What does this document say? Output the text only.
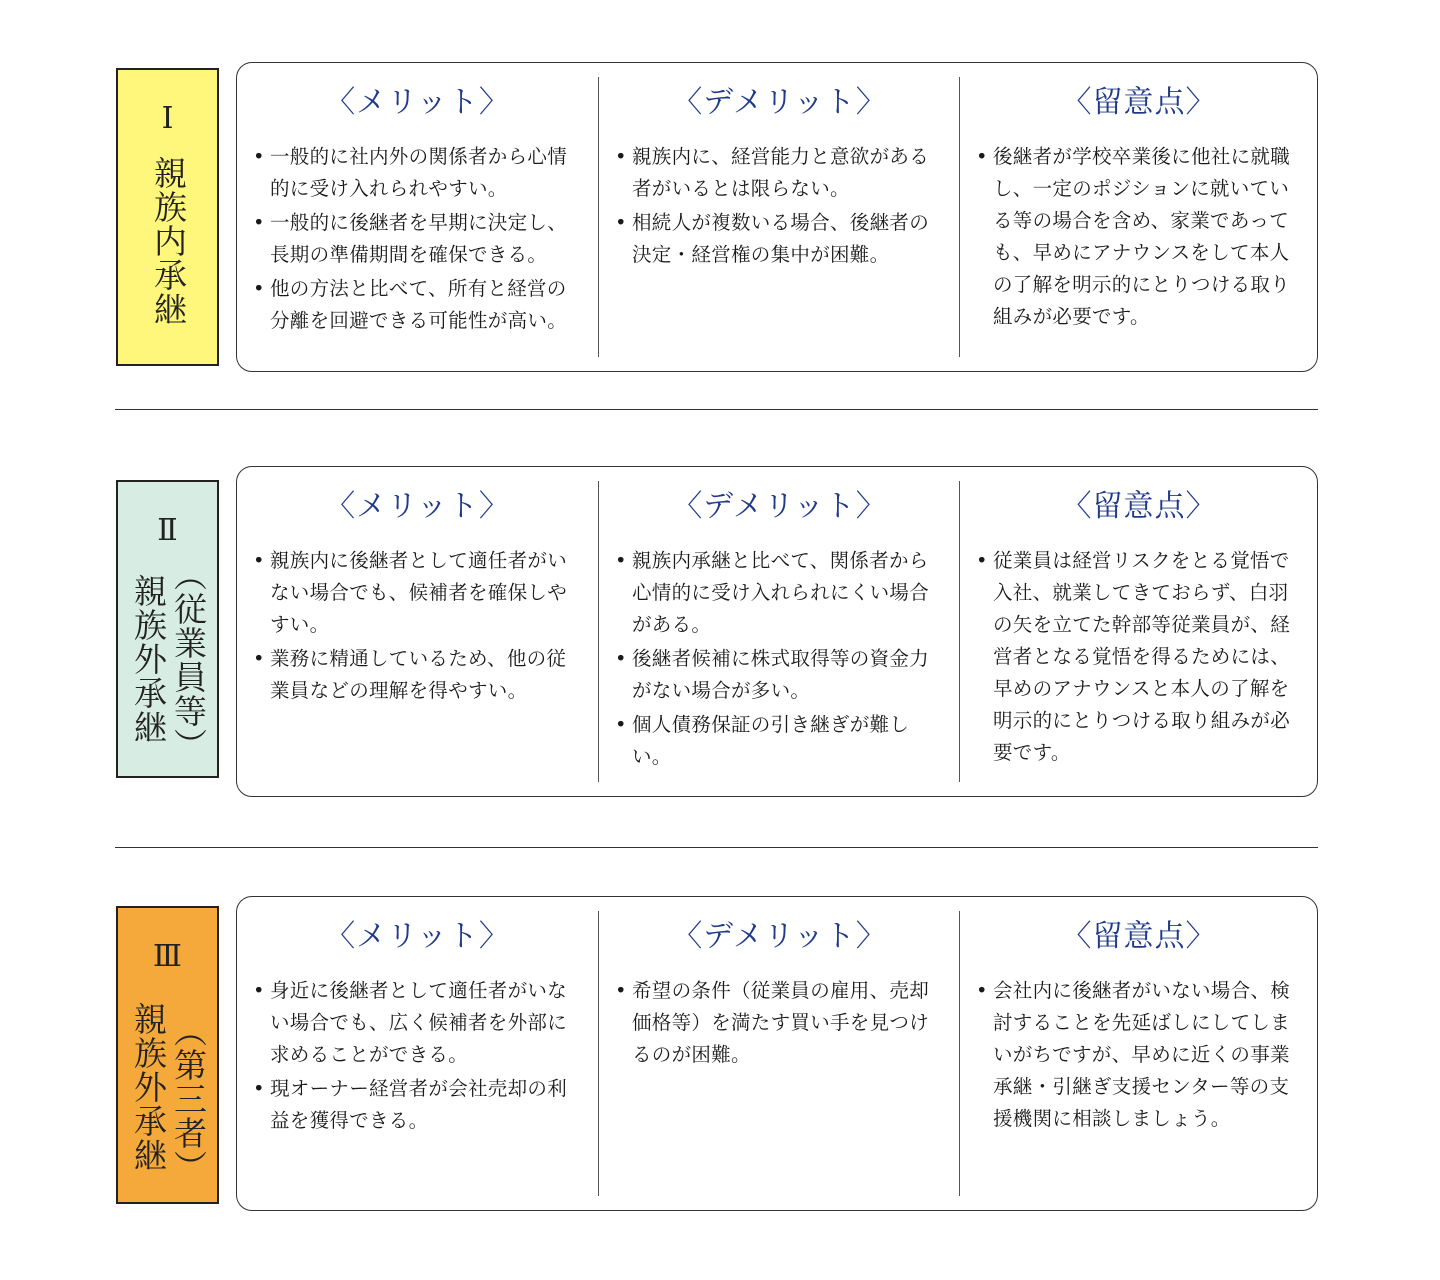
Ⅰ
親族内承継
〈メリット〉
• 一般的に社内外の関係者から心情的に受け入れられやすい。
• 一般的に後継者を早期に決定し、長期の準備期間を確保できる。
• 他の方法と比べて、所有と経営の分離を回避できる可能性が高い。
〈デメリット〉
• 親族内に、経営能力と意欲がある者がいるとは限らない。
• 相続人が複数いる場合、後継者の決定・経営権の集中が困難。
〈留意点〉
• 後継者が学校卒業後に他社に就職し、一定のポジションに就いている等の場合を含め、家業であっても、早めにアナウンスをして本人の了解を明示的にとりつける取り組みが必要です。
Ⅱ
（従業員等）
親族外承継
〈メリット〉
• 親族内に後継者として適任者がいない場合でも、候補者を確保しやすい。
• 業務に精通しているため、他の従業員などの理解を得やすい。
〈デメリット〉
• 親族内承継と比べて、関係者から心情的に受け入れられにくい場合がある。
• 後継者候補に株式取得等の資金力がない場合が多い。
• 個人債務保証の引き継ぎが難しい。
〈留意点〉
• 従業員は経営リスクをとる覚悟で入社、就業してきておらず、白羽の矢を立てた幹部等従業員が、経営者となる覚悟を得るためには、早めのアナウンスと本人の了解を明示的にとりつける取り組みが必要です。
Ⅲ
（第三者）
親族外承継
〈メリット〉
• 身近に後継者として適任者がいない場合でも、広く候補者を外部に求めることができる。
• 現オーナー経営者が会社売却の利益を獲得できる。
〈デメリット〉
• 希望の条件（従業員の雇用、売却価格等）を満たす買い手を見つけるのが困難。
〈留意点〉
• 会社内に後継者がいない場合、検討することを先延ばしにしてしまいがちですが、早めに近くの事業承継・引継ぎ支援センター等の支援機関に相談しましょう。
